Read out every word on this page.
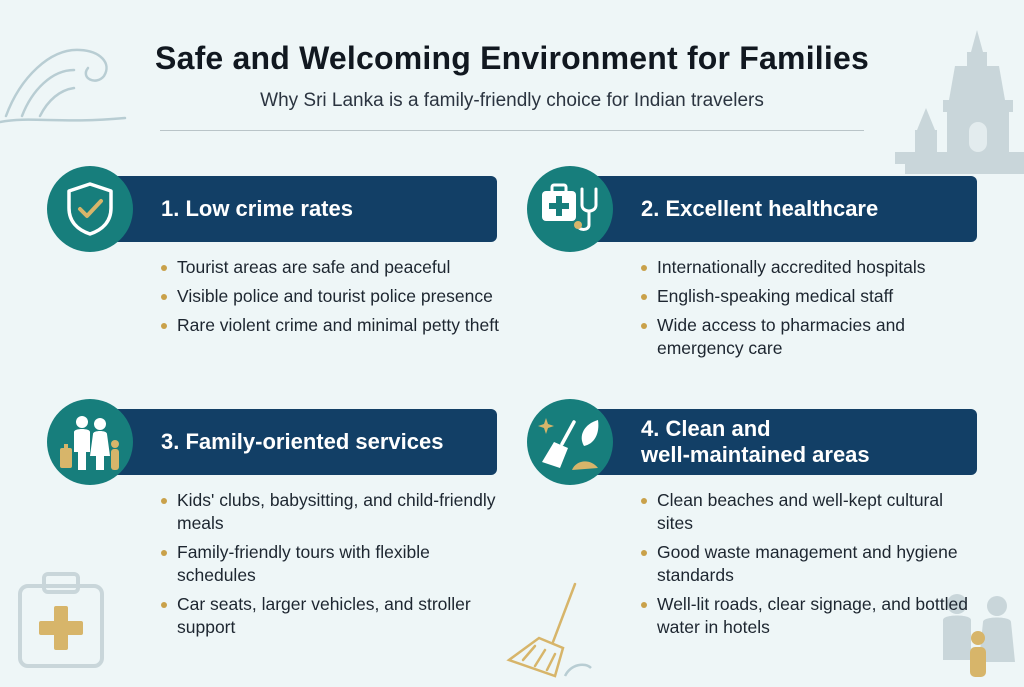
Safe and Welcoming Environment for Families
Why Sri Lanka is a family-friendly choice for Indian travelers
1. Low crime rates
Tourist areas are safe and peaceful
Visible police and tourist police presence
Rare violent crime and minimal petty theft
2. Excellent healthcare
Internationally accredited hospitals
English-speaking medical staff
Wide access to pharmacies and emergency care
3. Family-oriented services
Kids' clubs, babysitting, and child-friendly meals
Family-friendly tours with flexible schedules
Car seats, larger vehicles, and stroller support
4. Clean and
well-maintained areas
Clean beaches and well-kept cultural sites
Good waste management and hygiene standards
Well-lit roads, clear signage, and bottled water in hotels
